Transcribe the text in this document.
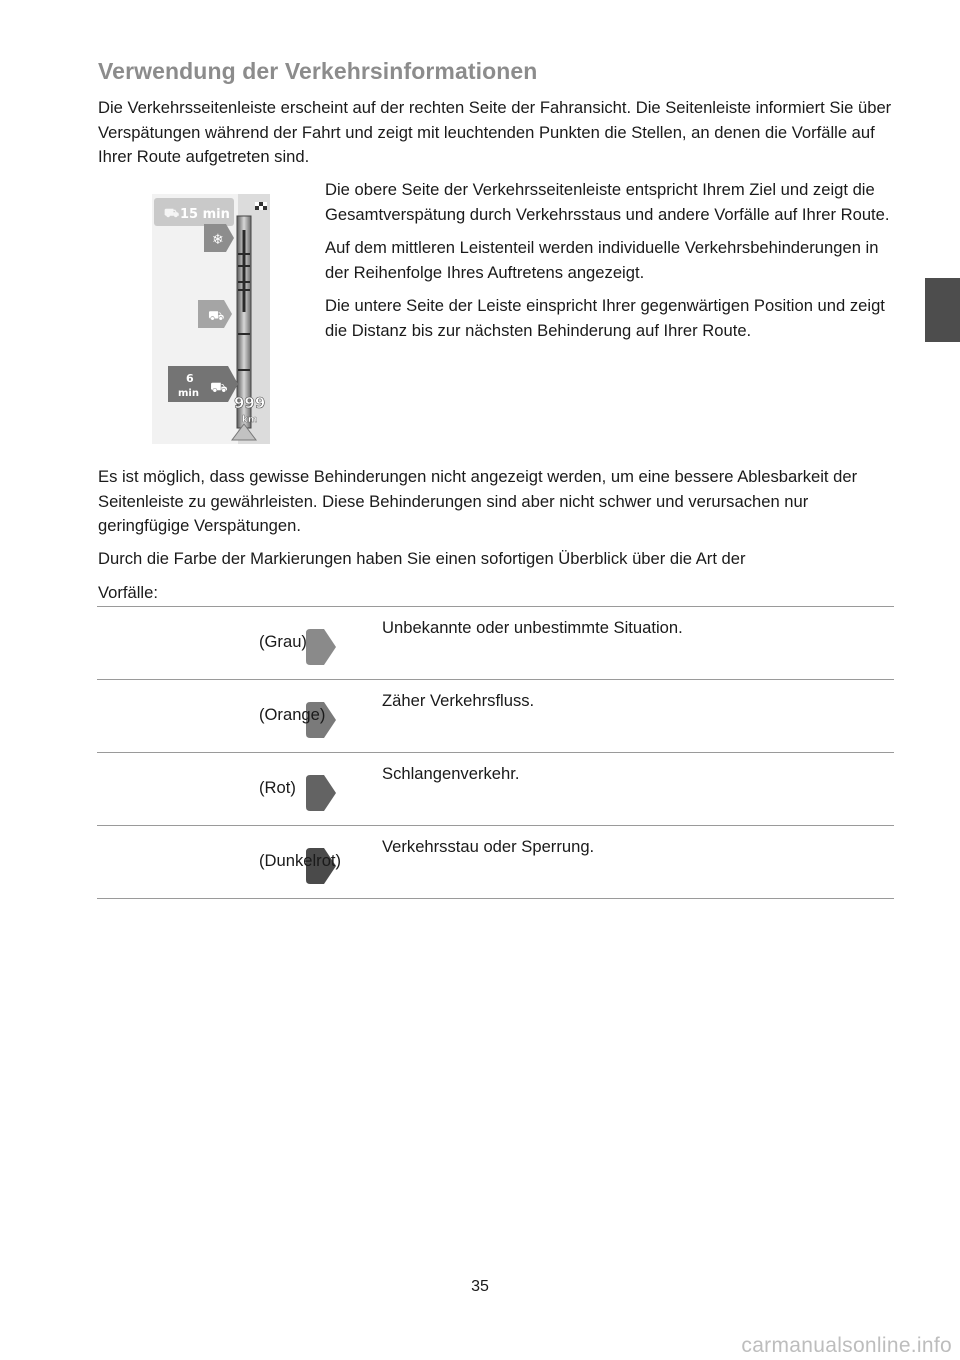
Verwendung der Verkehrsinformationen

Die Verkehrsseitenleiste erscheint auf der rechten Seite der Fahransicht. Die Seitenleiste informiert Sie über Verspätungen während der Fahrt und zeigt mit leuchtenden Punkten die Stellen, an denen die Vorfälle auf Ihrer Route aufgetreten sind.

⛟ 15 min
❄
⛟
6
min ⛟
999
km

Die obere Seite der Verkehrsseitenleiste entspricht Ihrem Ziel und zeigt die Gesamtverspätung durch Verkehrsstaus und andere Vorfälle auf Ihrer Route.

Auf dem mittleren Leistenteil werden individuelle Verkehrsbehinderungen in der Reihenfolge Ihres Auftretens angezeigt.

Die untere Seite der Leiste einspricht Ihrer gegenwärtigen Position und zeigt die Distanz bis zur nächsten Behinderung auf Ihrer Route.

Es ist möglich, dass gewisse Behinderungen nicht angezeigt werden, um eine bessere Ablesbarkeit der Seitenleiste zu gewährleisten. Diese Behinderungen sind aber nicht schwer und verursachen nur geringfügige Verspätungen.

Durch die Farbe der Markierungen haben Sie einen sofortigen Überblick über die Art der

Vorfälle:

(Grau)
Unbekannte oder unbestimmte Situation.
(Orange)
Zäher Verkehrsfluss.
(Rot)
Schlangenverkehr.
(Dunkelrot)
Verkehrsstau oder Sperrung.
35
carmanualsonline.info
